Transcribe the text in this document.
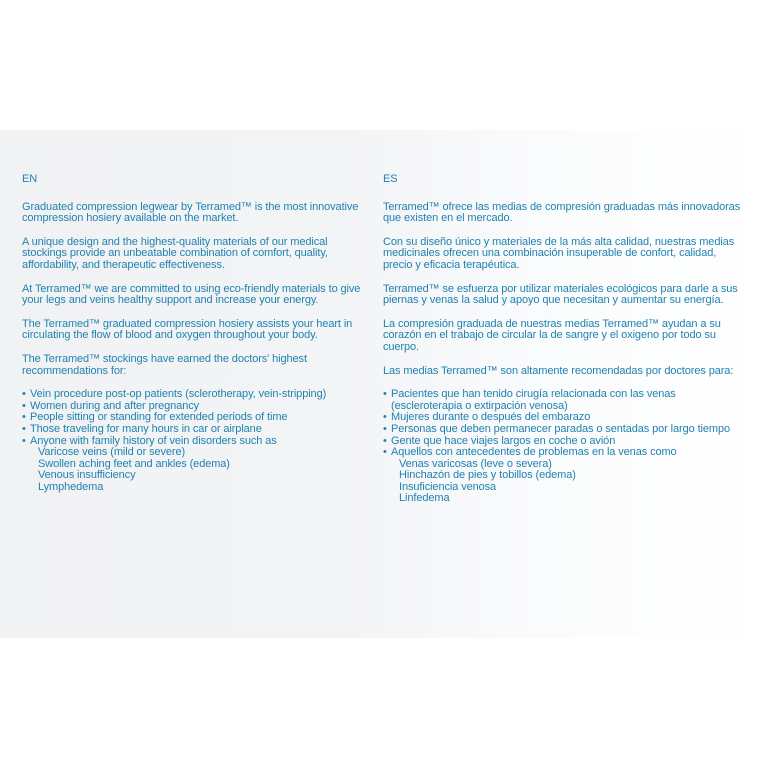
EN

Graduated compression legwear by Terramed™ is the most innovative compression hosiery available on the market.

A unique design and the highest-quality materials of our medical stockings provide an unbeatable combination of comfort, quality, affordability, and therapeutic effectiveness.

At Terramed™ we are committed to using eco-friendly materials to give your legs and veins healthy support and increase your energy.

The Terramed™ graduated compression hosiery assists your heart in circulating the flow of blood and oxygen throughout your body.

The Terramed™ stockings have earned the doctors' highest recommendations for:

• Vein procedure post-op patients (sclerotherapy, vein-stripping)
• Women during and after pregnancy
• People sitting or standing for extended periods of time
• Those traveling for many hours in car or airplane
• Anyone with family history of vein disorders such as
Varicose veins (mild or severe)
Swollen aching feet and ankles (edema)
Venous insufficiency
Lymphedema
ES

Terramed™ ofrece las medias de compresión graduadas más innovadoras que existen en el mercado.

Con su diseño único y materiales de la más alta calidad, nuestras medias medicinales ofrecen una combinación insuperable de confort, calidad, precio y eficacia terapéutica.

Terramed™ se esfuerza por utilizar materiales ecológicos para darle a sus piernas y venas la salud y apoyo que necesitan y aumentar su energía.

La compresión graduada de nuestras medias Terramed™ ayudan a su corazón en el trabajo de circular la de sangre y el oxigeno por todo su cuerpo.

Las medias Terramed™ son altamente recomendadas por doctores para:

• Pacientes que han tenido cirugía relacionada con las venas (escleroterapia o extirpación venosa)
• Mujeres durante o después del embarazo
• Personas que deben permanecer paradas o sentadas por largo tiempo
• Gente que hace viajes largos en coche o avión
• Aquellos con antecedentes de problemas en la venas como
Venas varicosas (leve o severa)
Hinchazón de pies y tobillos (edema)
Insuficiencia venosa
Linfedema
